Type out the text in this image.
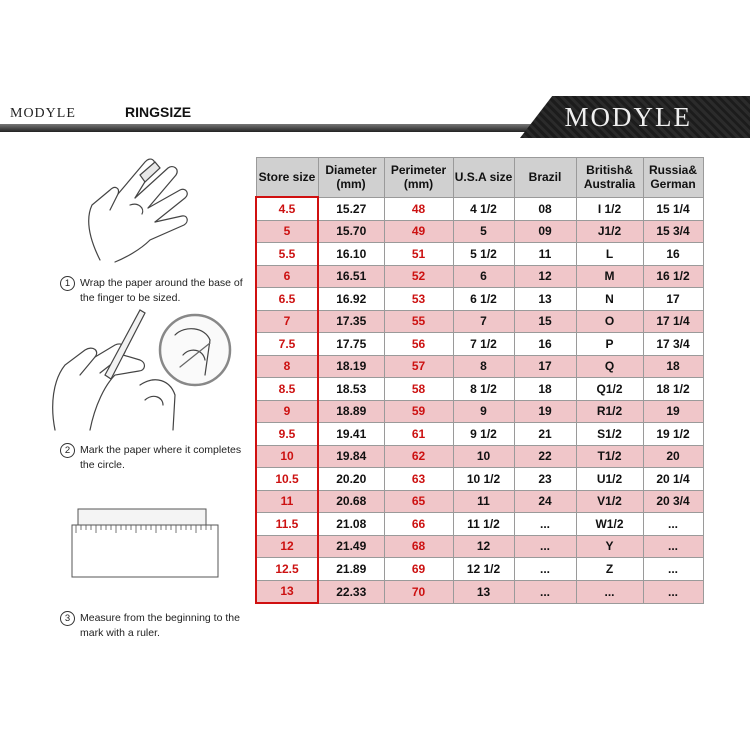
MODYLE	RINGSIZE	MODYLE
1 Wrap the paper around the base of the finger to be sized.
2 Mark the paper where it completes the circle.
3 Measure from the beginning to the mark with a ruler.
Store size	Diameter (mm)	Perimeter (mm)	U.S.A size	Brazil	British& Australia	Russia& German
4.5	15.27	48	4 1/2	08	I 1/2	15 1/4
5	15.70	49	5	09	J1/2	15 3/4
5.5	16.10	51	5 1/2	11	L	16
6	16.51	52	6	12	M	16 1/2
6.5	16.92	53	6 1/2	13	N	17
7	17.35	55	7	15	O	17 1/4
7.5	17.75	56	7 1/2	16	P	17 3/4
8	18.19	57	8	17	Q	18
8.5	18.53	58	8 1/2	18	Q1/2	18 1/2
9	18.89	59	9	19	R1/2	19
9.5	19.41	61	9 1/2	21	S1/2	19 1/2
10	19.84	62	10	22	T1/2	20
10.5	20.20	63	10 1/2	23	U1/2	20 1/4
11	20.68	65	11	24	V1/2	20 3/4
11.5	21.08	66	11 1/2	...	W1/2	...
12	21.49	68	12	...	Y	...
12.5	21.89	69	12 1/2	...	Z	...
13	22.33	70	13	...	...	...
